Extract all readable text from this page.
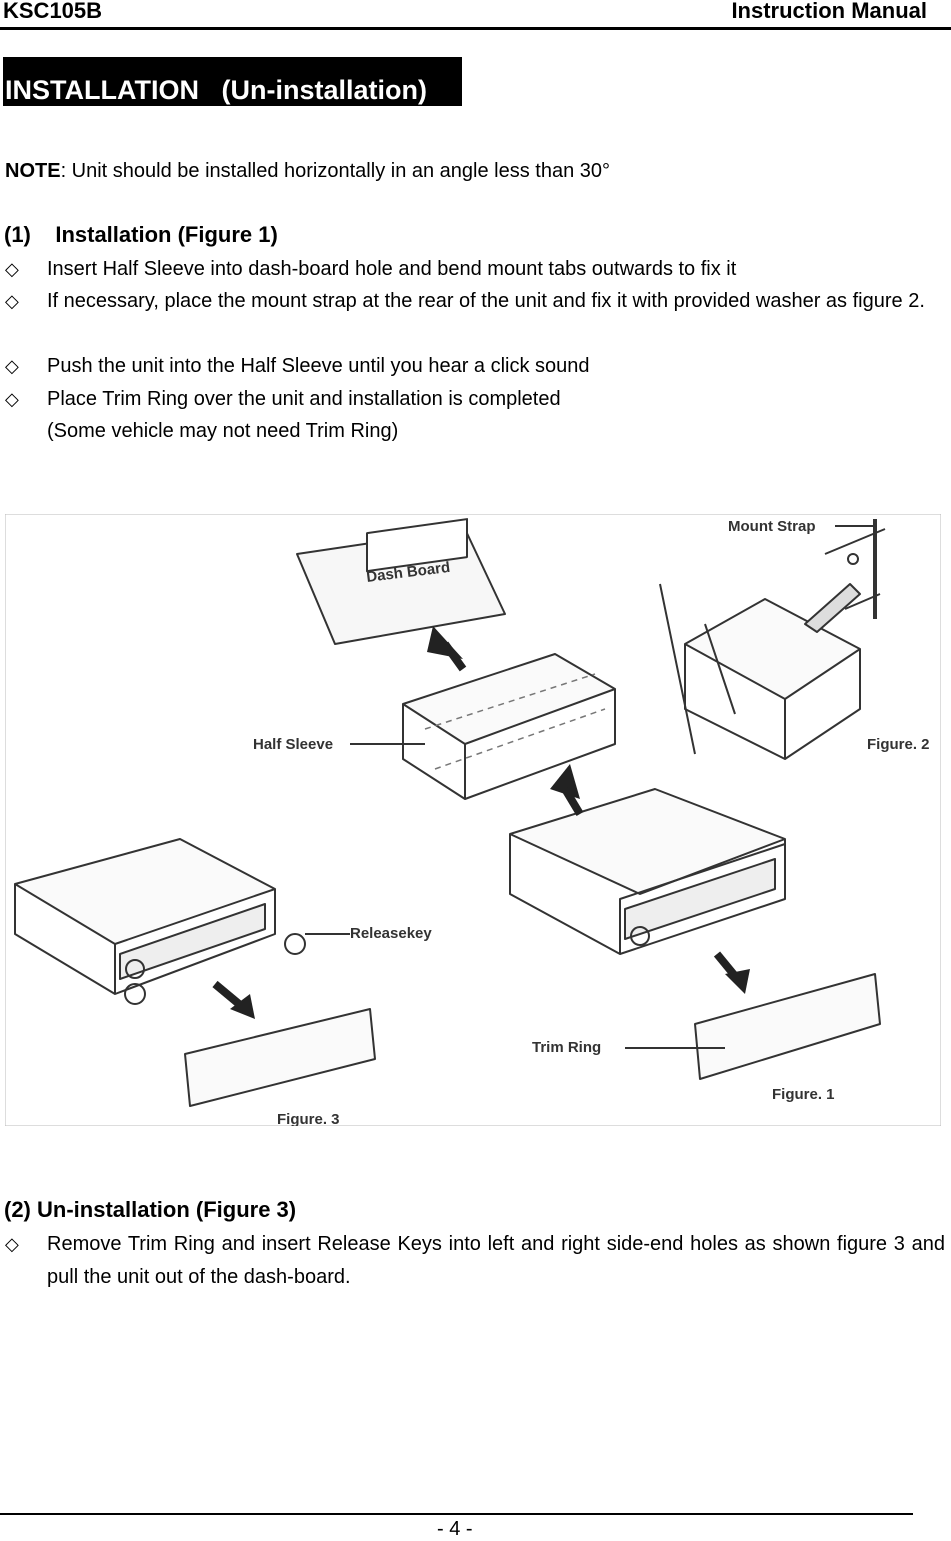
KSC105B	Instruction Manual
INSTALLATION   (Un-installation)
NOTE: Unit should be installed horizontally in an angle less than 30°
(1)    Installation (Figure 1)
◇ Insert Half Sleeve into dash-board hole and bend mount tabs outwards to fix it
◇ If necessary, place the mount strap at the rear of the unit and fix it with provided washer as figure 2.
◇ Push the unit into the Half Sleeve until you hear a click sound
◇ Place Trim Ring over the unit and installation is completed
(Some vehicle may not need Trim Ring)
Dash Board
Mount Strap
Half Sleeve	Figure. 2
Releasekey
Trim Ring
Figure. 1
Figure. 3
(2) Un-installation (Figure 3)
◇ Remove Trim Ring and insert Release Keys into left and right side-end holes as shown figure 3 and pull the unit out of the dash-board.
- 4 -
